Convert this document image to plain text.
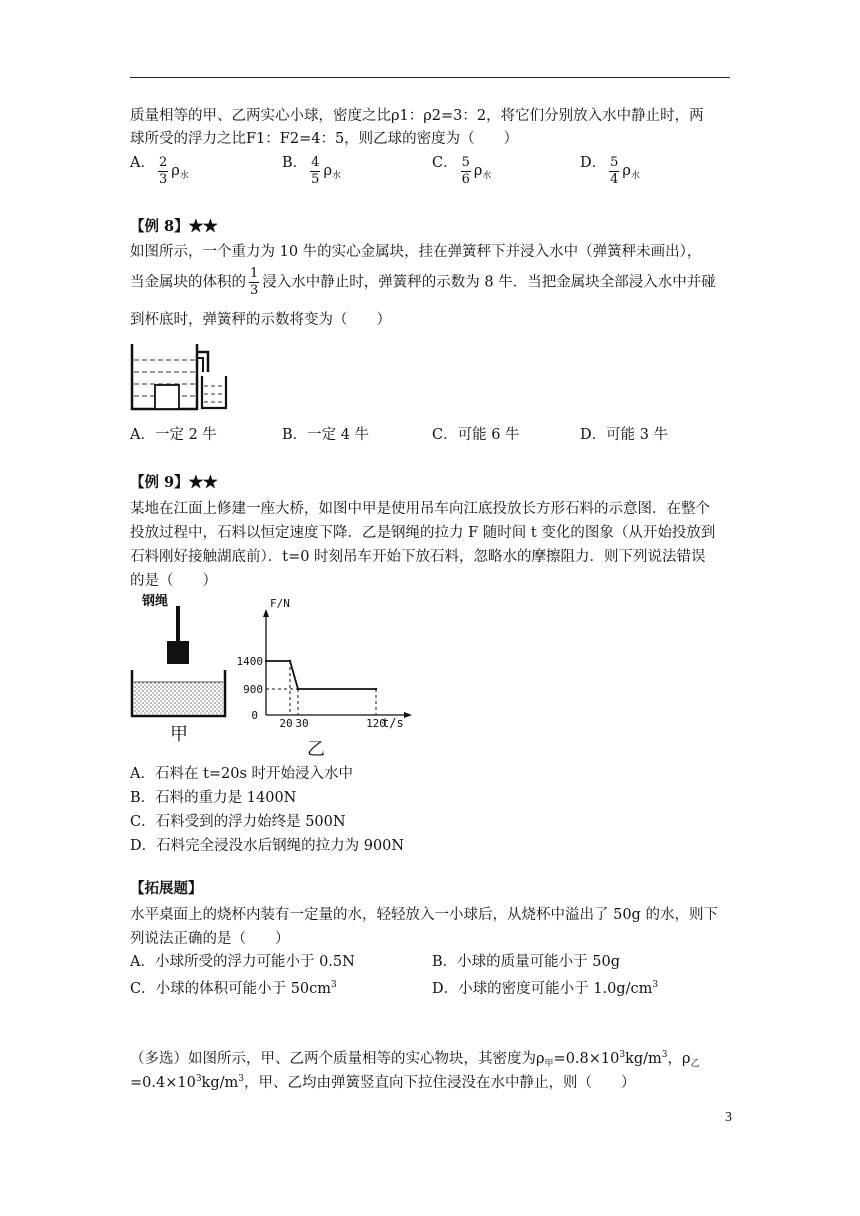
质量相等的甲、乙两实心小球，密度之比ρ1：ρ2=3：2，将它们分别放入水中静止时，两
球所受的浮力之比F1：F2=4：5，则乙球的密度为（　　）
A． $\frac{2}{3} \rho_水$
B． $\frac{4}{5} \rho_水$
C． $\frac{5}{6} \rho_水$
D． $\frac{5}{4} \rho_水$
【例 8】★★
如图所示，一个重力为 10 牛的实心金属块，挂在弹簧秤下并浸入水中（弹簧秤未画出），
当金属块的体积的 $\frac{1}{3}$ 浸入水中静止时，弹簧秤的示数为 8 牛．当把金属块全部浸入水中并碰
到杯底时，弹簧秤的示数将变为（　　）
A．一定 2 牛	B．一定 4 牛	C．可能 6 牛	D．可能 3 牛
【例 9】★★
某地在江面上修建一座大桥，如图中甲是使用吊车向江底投放长方形石料的示意图．在整个
投放过程中，石料以恒定速度下降．乙是钢绳的拉力 F 随时间 t 变化的图象（从开始投放到
石料刚好接触湖底前）．t=0 时刻吊车开始下放石料，忽略水的摩擦阻力．则下列说法错误
的是（　　）
钢绳
甲
F/N
t/s
0
1400
900
20 30	120
乙
A．石料在 t=20s 时开始浸入水中
B．石料的重力是 1400N
C．石料受到的浮力始终是 500N
D．石料完全浸没水后钢绳的拉力为 900N
【拓展题】
水平桌面上的烧杯内装有一定量的水，轻轻放入一小球后，从烧杯中溢出了 50g 的水，则下
列说法正确的是（　　）
A．小球所受的浮力可能小于 0.5N	B．小球的质量可能小于 50g
C．小球的体积可能小于 $50cm^3$	D．小球的密度可能小于 $1.0g/cm^3$
（多选）如图所示，甲、乙两个质量相等的实心物块，其密度为$\rho_甲=0.8\times 10^3kg/m^3$，$\rho_乙$
$=0.4\times 10^3kg/m^3$，甲、乙均由弹簧竖直向下拉住浸没在水中静止，则（　　）
3
